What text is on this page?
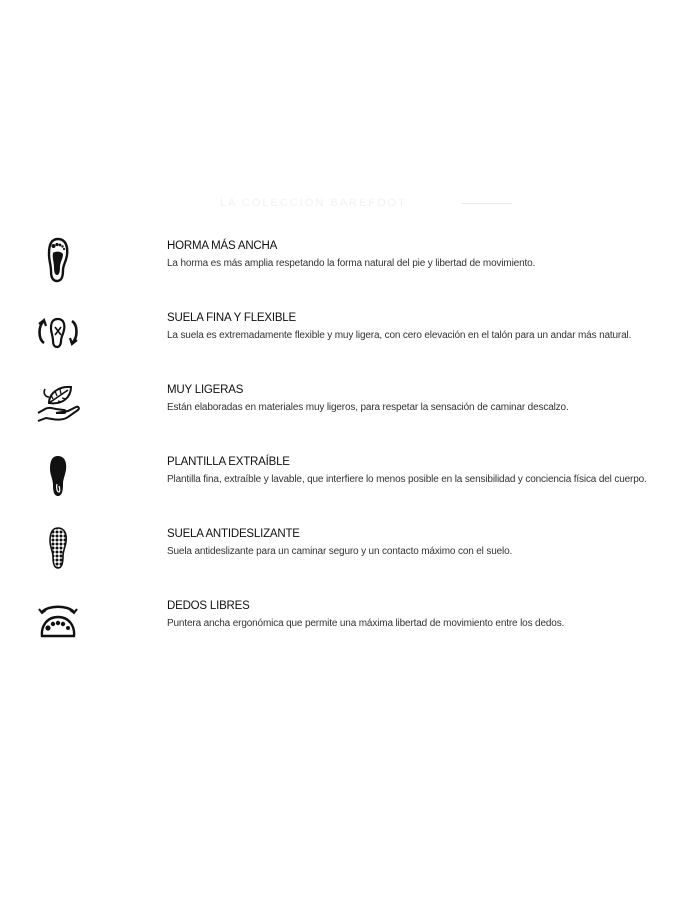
LA COLECCIÓN BAREFOOT
HORMA MÁS ANCHA
La horma es más amplia respetando la forma natural del pie y libertad de movimiento.
SUELA FINA Y FLEXIBLE
La suela es extremadamente flexible y muy ligera, con cero elevación en el talón para un andar más natural.
MUY LIGERAS
Están elaboradas en materiales muy ligeros, para respetar la sensación de caminar descalzo.
PLANTILLA EXTRAÍBLE
Plantilla fina, extraíble y lavable, que interfiere lo menos posible en la sensibilidad y conciencia física del cuerpo.
SUELA ANTIDESLIZANTE
Suela antideslizante para un caminar seguro y un contacto máximo con el suelo.
DEDOS LIBRES
Puntera ancha ergonómica que permite una máxima libertad de movimiento entre los dedos.
